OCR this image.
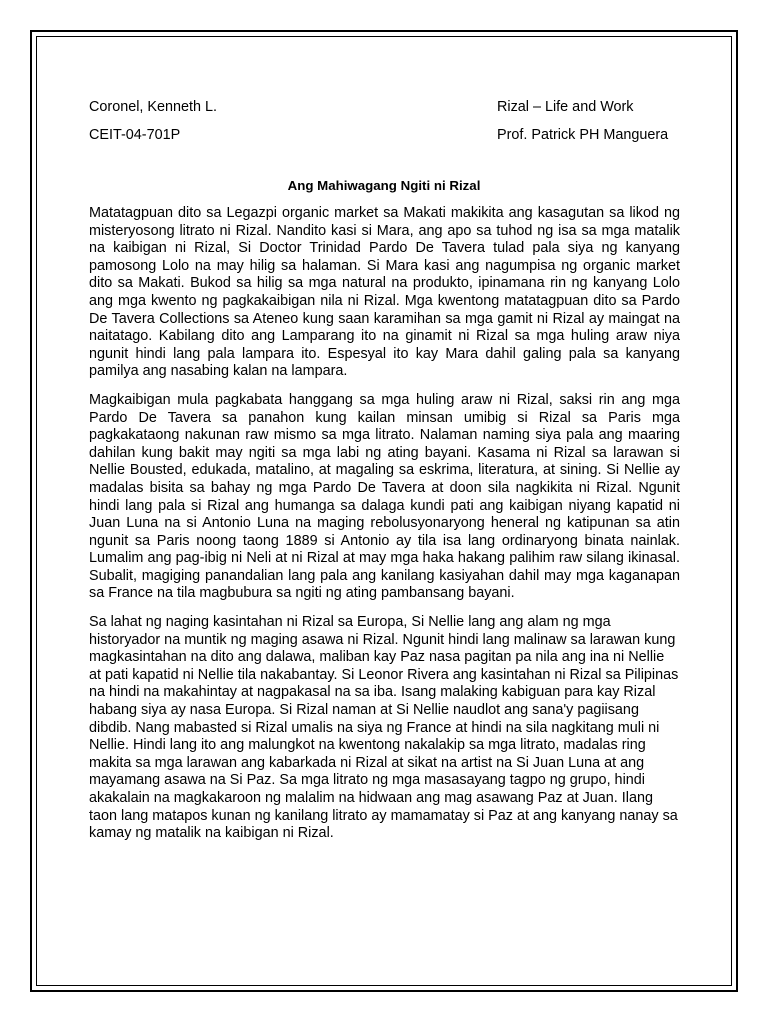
Coronel, Kenneth L.
CEIT-04-701P
Rizal – Life and Work
Prof. Patrick PH Manguera
Ang Mahiwagang Ngiti ni Rizal

Matatagpuan dito sa Legazpi organic market sa Makati makikita ang kasagutan sa likod ng misteryosong litrato ni Rizal. Nandito kasi si Mara, ang apo sa tuhod ng isa sa mga matalik na kaibigan ni Rizal, Si Doctor Trinidad Pardo De Tavera tulad pala siya ng kanyang pamosong Lolo na may hilig sa halaman. Si Mara kasi ang nagumpisa ng organic market dito sa Makati. Bukod sa hilig sa mga natural na produkto, ipinamana rin ng kanyang Lolo ang mga kwento ng pagkakaibigan nila ni Rizal. Mga kwentong matatagpuan dito sa Pardo De Tavera Collections sa Ateneo kung saan karamihan sa mga gamit ni Rizal ay maingat na naitatago. Kabilang dito ang Lamparang ito na ginamit ni Rizal sa mga huling araw niya ngunit hindi lang pala lampara ito. Espesyal ito kay Mara dahil galing pala sa kanyang pamilya ang nasabing kalan na lampara.

Magkaibigan mula pagkabata hanggang sa mga huling araw ni Rizal, saksi rin ang mga Pardo De Tavera sa panahon kung kailan minsan umibig si Rizal sa Paris mga pagkakataong nakunan raw mismo sa mga litrato. Nalaman naming siya pala ang maaring dahilan kung bakit may ngiti sa mga labi ng ating bayani. Kasama ni Rizal sa larawan si Nellie Bousted, edukada, matalino, at magaling sa eskrima, literatura, at sining. Si Nellie ay madalas bisita sa bahay ng mga Pardo De Tavera at doon sila nagkikita ni Rizal. Ngunit hindi lang pala si Rizal ang humanga sa dalaga kundi pati ang kaibigan niyang kapatid ni Juan Luna na si Antonio Luna na maging rebolusyonaryong heneral ng katipunan sa atin ngunit sa Paris noong taong 1889 si Antonio ay tila isa lang ordinaryong binata nainlak. Lumalim ang pag-ibig ni Neli at ni Rizal at may mga haka hakang palihim raw silang ikinasal. Subalit, magiging panandalian lang pala ang kanilang kasiyahan dahil may mga kaganapan sa France na tila magbubura sa ngiti ng ating pambansang bayani.

Sa lahat ng naging kasintahan ni Rizal sa Europa, Si Nellie lang ang alam ng mga historyador na muntik ng maging asawa ni Rizal. Ngunit hindi lang malinaw sa larawan kung magkasintahan na dito ang dalawa, maliban kay Paz nasa pagitan pa nila ang ina ni Nellie at pati kapatid ni Nellie tila nakabantay. Si Leonor Rivera ang kasintahan ni Rizal sa Pilipinas na hindi na makahintay at nagpakasal na sa iba. Isang malaking kabiguan para kay Rizal habang siya ay nasa Europa. Si Rizal naman at Si Nellie naudlot ang sana'y pagiisang dibdib. Nang mabasted si Rizal umalis na siya ng France at hindi na sila nagkitang muli ni Nellie. Hindi lang ito ang malungkot na kwentong nakalakip sa mga litrato, madalas ring makita sa mga larawan ang kabarkada ni Rizal at sikat na artist na Si Juan Luna at ang mayamang asawa na Si Paz. Sa mga litrato ng mga masasayang tagpo ng grupo, hindi akakalain na magkakaroon ng malalim na hidwaan ang mag asawang Paz at Juan. Ilang taon lang matapos kunan ng kanilang litrato ay mamamatay si Paz at ang kanyang nanay sa kamay ng matalik na kaibigan ni Rizal.
